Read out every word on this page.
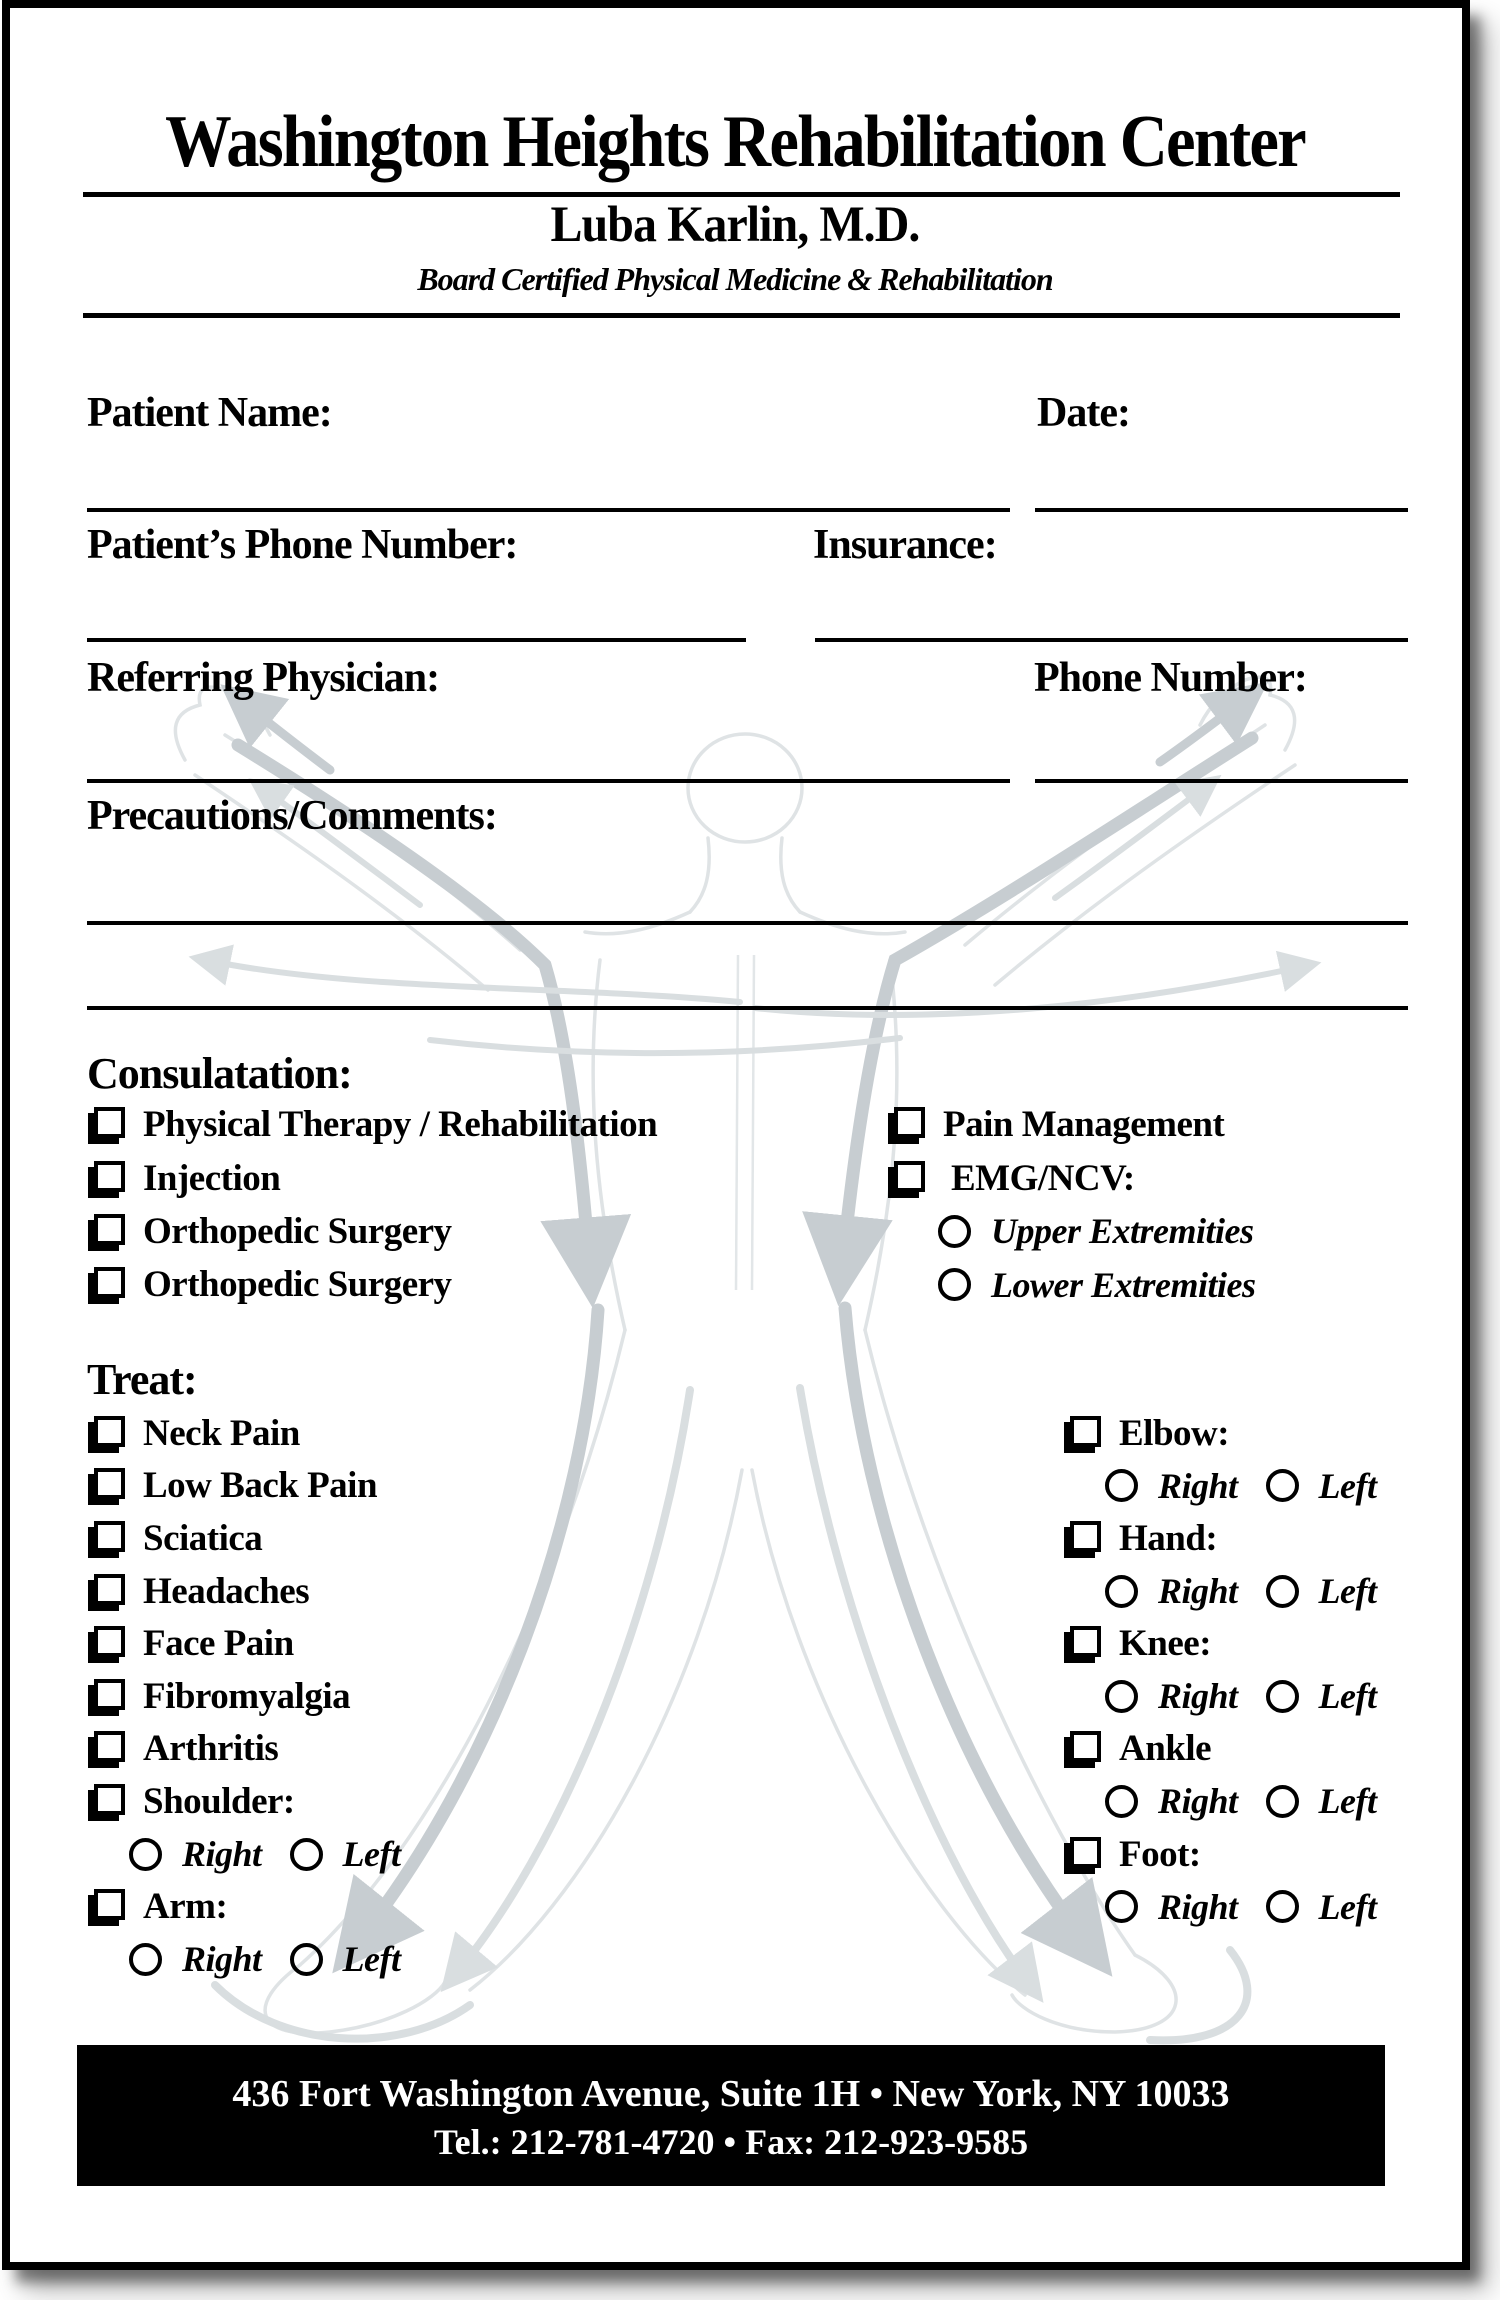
Washington Heights Rehabilitation Center
Luba Karlin, M.D.
Board Certified Physical Medicine & Rehabilitation
Patient Name:	Date:
Patient’s Phone Number:	Insurance:
Referring Physician:	Phone Number:
Precautions/Comments:
Consulatation:
Physical Therapy / Rehabilitation
Injection
Orthopedic Surgery
Orthopedic Surgery
Pain Management
EMG/NCV:
Upper Extremities
Lower Extremities
Treat:
Neck Pain
Low Back Pain
Sciatica
Headaches
Face Pain
Fibromyalgia
Arthritis
Shoulder:
Right Left
Arm:
Right Left
Elbow:
Right Left
Hand:
Right Left
Knee:
Right Left
Ankle
Right Left
Foot:
Right Left
436 Fort Washington Avenue, Suite 1H • New York, NY 10033
Tel.: 212-781-4720 • Fax: 212-923-9585
